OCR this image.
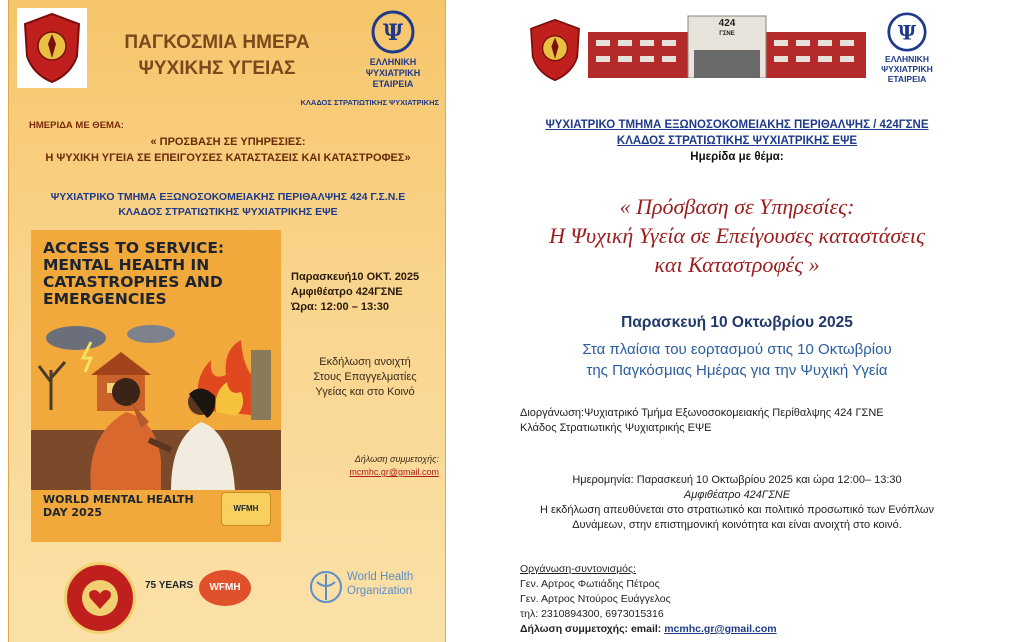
ΠΑΓΚΟΣΜΙΑ ΗΜΕΡΑ
ΨΥΧΙΚΗΣ ΥΓΕΙΑΣ
Ψ
ΕΛΛΗΝΙΚΗ
ΨΥΧΙΑΤΡΙΚΗ
ΕΤΑΙΡΕΙΑ
ΚΛΑΔΟΣ ΣΤΡΑΤΙΩΤΙΚΗΣ ΨΥΧΙΑΤΡΙΚΗΣ
ΗΜΕΡΙΔΑ ΜΕ ΘΕΜΑ:
« ΠΡΟΣΒΑΣΗ ΣΕ ΥΠΗΡΕΣΙΕΣ:
Η ΨΥΧΙΚΗ ΥΓΕΙΑ ΣΕ ΕΠΕΙΓΟΥΣΕΣ ΚΑΤΑΣΤΑΣΕΙΣ ΚΑΙ ΚΑΤΑΣΤΡΟΦΕΣ»
ΨΥΧΙΑΤΡΙΚΟ ΤΜΗΜΑ ΕΞΩΝΟΣΟΚΟΜΕΙΑΚΗΣ ΠΕΡΙΘΑΛΨΗΣ 424 Γ.Σ.Ν.Ε
ΚΛΑΔΟΣ ΣΤΡΑΤΙΩΤΙΚΗΣ ΨΥΧΙΑΤΡΙΚΗΣ ΕΨΕ
ACCESS TO SERVICE: MENTAL HEALTH IN CATASTROPHES AND EMERGENCIES
WORLD MENTAL HEALTH DAY 2025	WFMH
Παρασκευή10 ΟΚΤ. 2025
Αμφιθέατρο 424ΓΣΝΕ
Ώρα: 12:00 – 13:30
Εκδήλωση ανοιχτή
Στους Επαγγελματίες
Υγείας και στο Κοινό
Δήλωση συμμετοχής:
mcmhc.gr@gmail.com
75 YEARS	WFMH
World Health
Organization
424
ΓΣΝΕ	Ψ
ΕΛΛΗΝΙΚΗ
ΨΥΧΙΑΤΡΙΚΗ
ΕΤΑΙΡΕΙΑ
ΨΥΧΙΑΤΡΙΚΟ ΤΜΗΜΑ ΕΞΩΝΟΣΟΚΟΜΕΙΑΚΗΣ ΠΕΡΙΘΑΛΨΗΣ / 424ΓΣΝΕ
ΚΛΑΔΟΣ ΣΤΡΑΤΙΩΤΙΚΗΣ ΨΥΧΙΑΤΡΙΚΗΣ ΕΨΕ
Ημερίδα με θέμα:
« Πρόσβαση σε Υπηρεσίες:
Η Ψυχική Υγεία σε Επείγουσες καταστάσεις
και Καταστροφές »
Παρασκευή 10 Οκτωβρίου 2025
Στα πλαίσια του εορτασμού στις 10 Οκτωβρίου
της Παγκόσμιας Ημέρας για την Ψυχική Υγεία
Διοργάνωση:Ψυχιατρικό Τμήμα Εξωνοσοκομειακής Περίθαλψης 424 ΓΣΝΕ
Κλάδος Στρατιωτικής Ψυχιατρικής ΕΨΕ
Ημερομηνία: Παρασκευή 10 Οκτωβρίου 2025 και ώρα 12:00– 13:30
Αμφιθέατρο 424ΓΣΝΕ
Η εκδήλωση απευθύνεται στο στρατιωτικό και πολιτικό προσωπικό των Ενόπλων
Δυνάμεων, στην επιστημονική κοινότητα και είναι ανοιχτή στο κοινό.
Οργάνωση-συντονισμός:
Γεν. Αρτρος Φωτιάδης Πέτρος
Γεν. Αρτρος Ντούρος Ευάγγελος
τηλ: 2310894300, 6973015316
Δήλωση συμμετοχής: email: mcmhc.gr@gmail.com
